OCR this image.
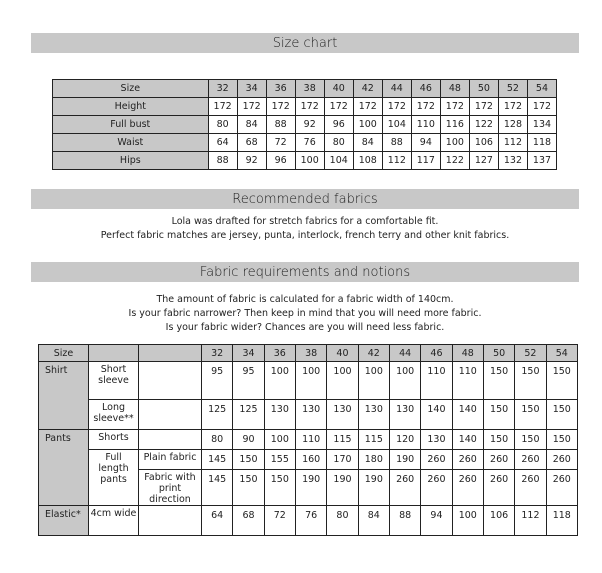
Size chart
Size	32	34	36	38	40	42	44	46	48	50	52	54
Height	172	172	172	172	172	172	172	172	172	172	172	172
Full bust	80	84	88	92	96	100	104	110	116	122	128	134
Waist	64	68	72	76	80	84	88	94	100	106	112	118
Hips	88	92	96	100	104	108	112	117	122	127	132	137
Recommended fabrics
Lola was drafted for stretch fabrics for a comfortable fit.
Perfect fabric matches are jersey, punta, interlock, french terry and other knit fabrics.
Fabric requirements and notions
The amount of fabric is calculated for a fabric width of 140cm.
Is your fabric narrower? Then keep in mind that you will need more fabric.
Is your fabric wider? Chances are you will need less fabric.
Size			32	34	36	38	40	42	44	46	48	50	52	54
Shirt	Short sleeve		95	95	100	100	100	100	100	110	110	150	150	150
	Long sleeve**		125	125	130	130	130	130	130	140	140	150	150	150
Pants	Shorts		80	90	100	110	115	115	120	130	140	150	150	150
	Full length pants	Plain fabric	145	150	155	160	170	180	190	260	260	260	260	260
		Fabric with print direction	145	150	150	190	190	190	260	260	260	260	260	260
Elastic*	4cm wide		64	68	72	76	80	84	88	94	100	106	112	118
